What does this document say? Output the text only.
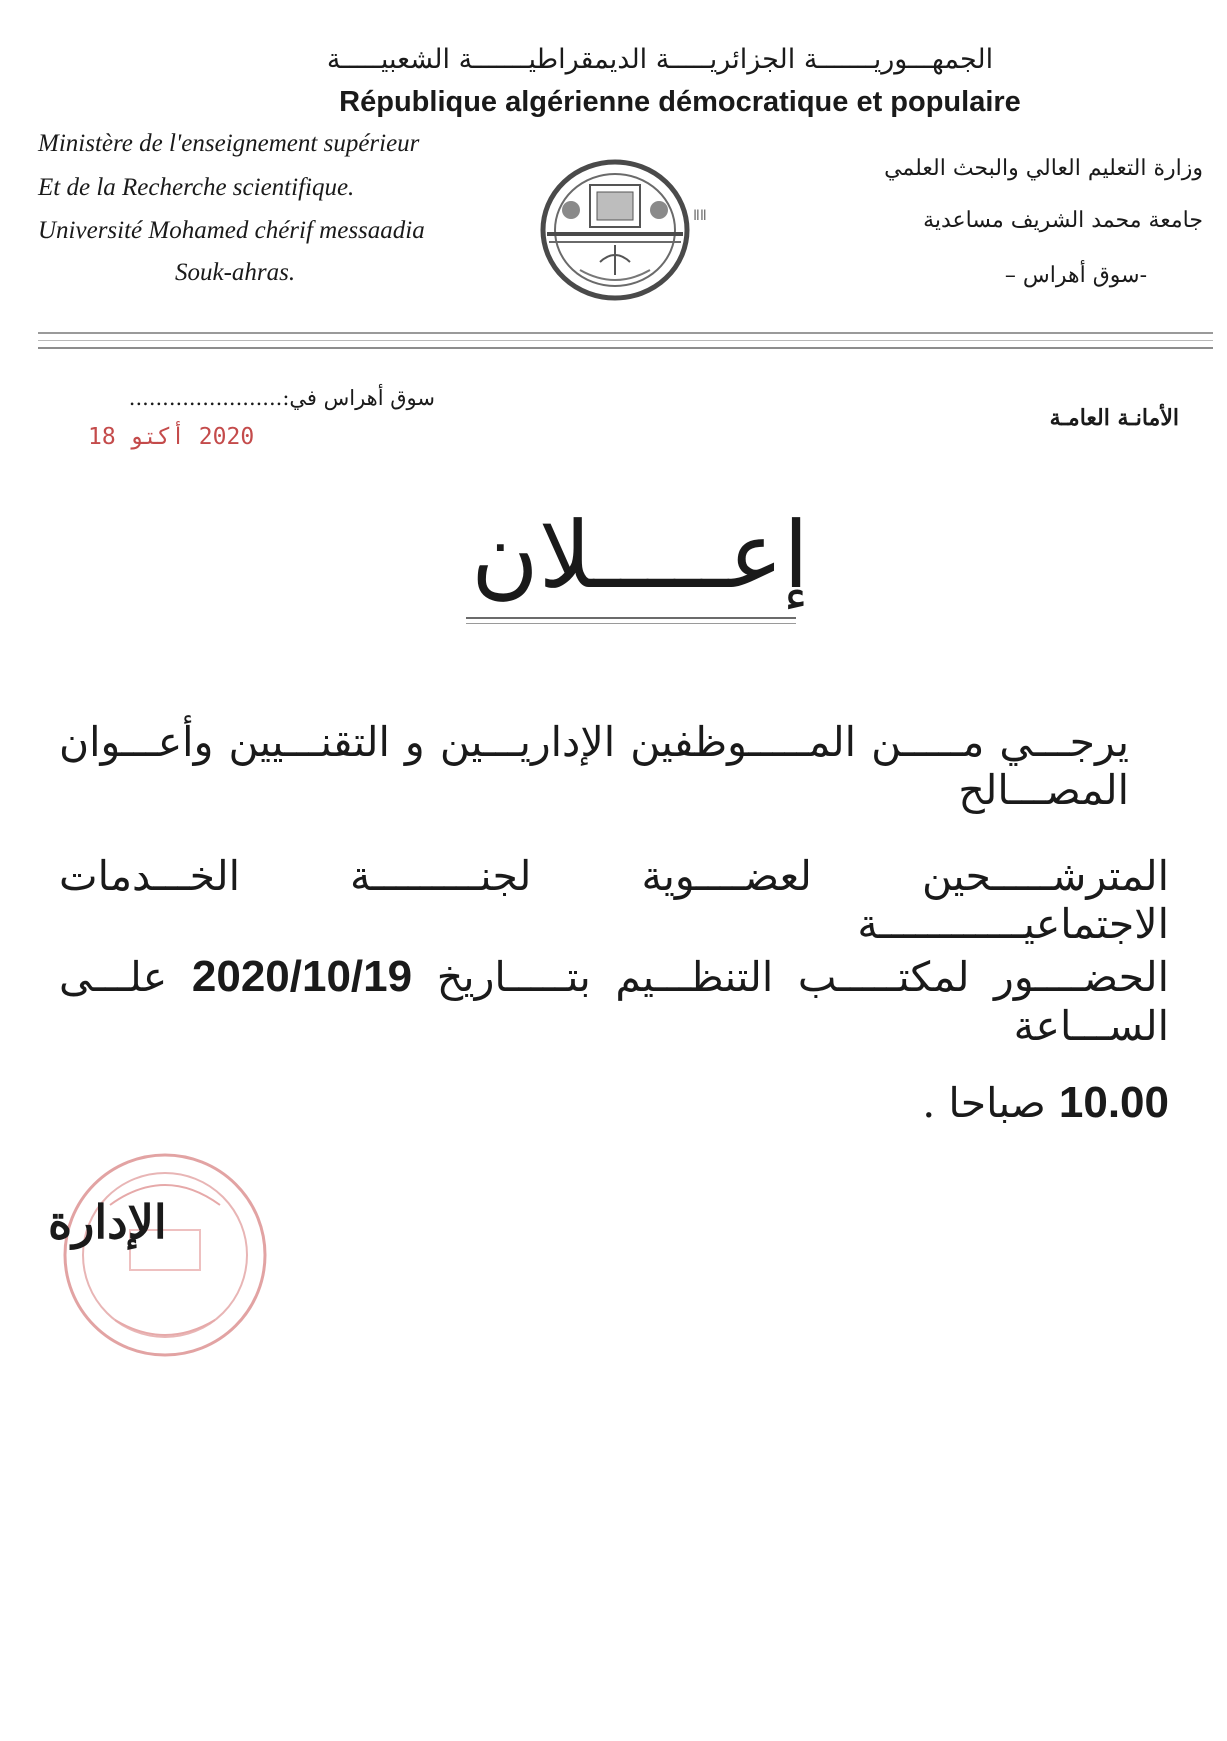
الجمهـــوريـــــــة الجزائريـــــة الديمقراطيـــــــة الشعبيـــــة
République algérienne démocratique et populaire
Ministère de l'enseignement supérieur
Et de la Recherche scientifique.
Université Mohamed chérif messaadia
Souk-ahras.
وزارة التعليم العالي والبحث العلمي
جامعة محمد الشريف مساعدية
-سوق أهراس –
ⅡⅡ
سوق أهراس في:.......................
2020 أكتو 18
الأمانـة العامـة
إعـــــلان
يرجـــي مـــــن المـــــوظفين الإداريـــين و التقنـــيين وأعـــوان المصـــالح
المترشـــــحين لعضــــوية لجنـــــــــة الخـــدمات الاجتماعيــــــــــــة
الحضــــور لمكتـــــب التنظـــيم بتـــــاريخ 2020/10/19 علـــى الســـاعة
10.00 صباحا .
الإدارة
